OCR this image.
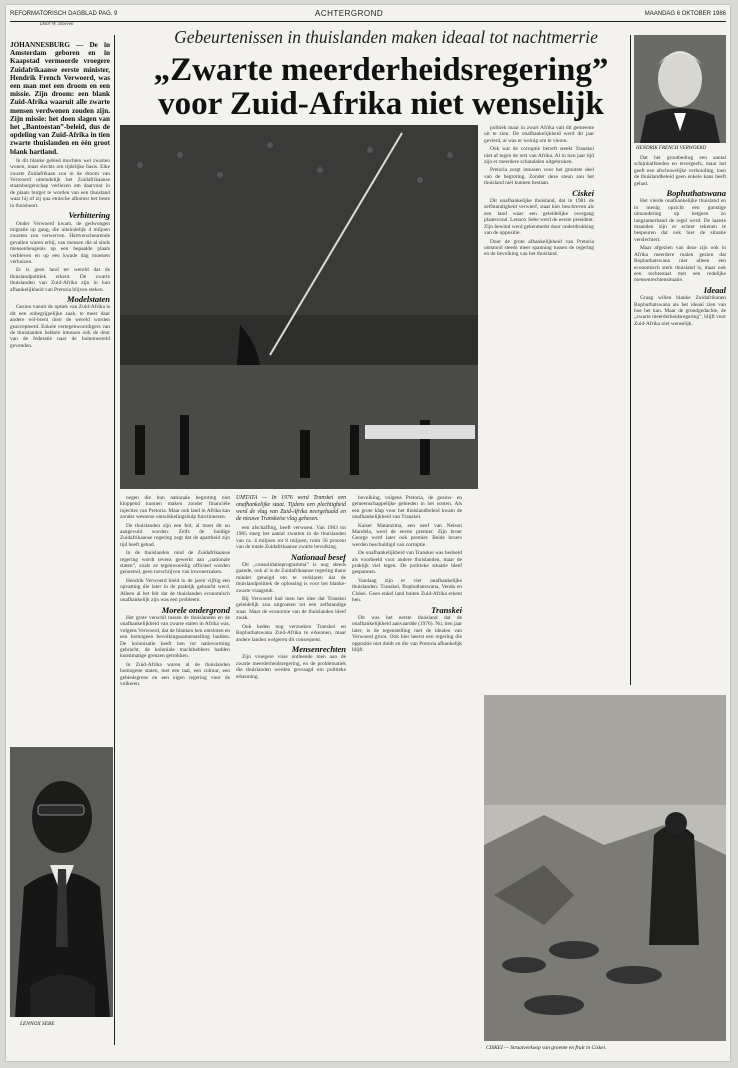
REFORMATORISCH DAGBLAD PAG. 9	ACHTERGROND	MAANDAG 6 OKTOBER 1986
Door W. Stoeven
Gebeurtenissen in thuislanden maken ideaal tot nachtmerrie
„Zwarte meerderheidsregering”
voor Zuid-Afrika niet wenselijk

JOHANNESBURG — De in Amsterdam geboren en in Kaapstad vermoorde vroegere Zuidafrikaanse eerste minister, Hendrik French Verwoerd, was een man met een droom en een missie. Zijn droom: een blank Zuid-Afrika waaruit alle zwarte mensen verdwenen zouden zijn. Zijn missie: het doen slagen van het „Bantoestan”-beleid, dus de opdeling van Zuid-Afrika in tien zwarte thuislanden en één groot blank hartland.

In dit blanke gebied mochten wel zwarten wonen, maar slechts om tijdelijke basis. Elke zwarte Zuidafrikaan zou in de droom van Verwoerd uiteindelijk het Zuidafrikaanse staatsburgerschap verliezen om daarvoor in de plaats burger te worden van een thuisland waar hij of zij qua etnische afkomst het beste in thuishoort.

Verbittering

Onder Verwoerd kwam, de gedwongen migratie op gang, die uiteindelijk 4 miljoen zwarten zou verwerven. Hartverscheurende gevallen waren erbij, van mensen die al sinds mensenheugenis op een bepaalde plaats verbleven en op een kwade dag moesten verhuizen.

Er is geen land ter wereld dat de thuislandpolitiek erkent. De zwarte thuislanden van Zuid-Afrika zijn in hun afhankelijkheid van Pretoria blijven steken.

Modelstaten

Gezien vanuit de optiek van Zuid-Afrika is dit een onbegrijpelijke zaak, te meer daar andere wil-brent door de wereld worden geaccepteerd. Enkele vertegenwoordigers van de thuislanden hebben intussen ook de deur van de federatie naar de buitenwereld gevonden.

LENNOX SEBE

negen die hun nationale begroting niet kloppend kunnen maken zonder financiële injecties van Pretoria. Maar ook land in Afrika kan zonder westerse ontwikkelingshulp functioneren.

De thuislanden zijn een feit, al moet dit nu aangevuld worden. Zelfs de huidige Zuidafrikaanse regering zegt dat de apartheid zijn tijd heeft gehad.

In de thuislanden rond de Zuidafrikaanse regering wordt tevens gewerkt aan „nationale staten”, zoals ze tegenwoordig officieel worden genoemd, geen toeschrijven van inwonerzaken.

Hendrik Verwoerd hield in de jaren vijftig een opvatting die later in de praktijk gebracht werd. Alleen al het feit dat de thuislanden economisch onafhankelijk zijn was een probleem.

Morele ondergrond

Het grote verschil tussen de thuislanden en de onafhankelijkheid van zwarte staten in Afrika was, volgens Verwoerd, dat de blanken hen ontsloten en een homogeen bevolkingssamenstelling hadden. De kolonisatie heeft hen tot natievorming gebracht, de koloniale machthebbers hadden kunstmatige grenzen getrokken.

In Zuid-Afrika waren al de thuislanden homogene staten, met een taal, een cultuur, een gebiedsgrens en een eigen regering voor de volkeren.

UMTATA — In 1976 werd Transkei een onafhankelijke staat. Tijdens een plechtigheid werd de vlag van Zuid-Afrika neergehaald en de nieuwe Transkeise vlag gehesen.

een afschaffing, heeft verwoest. Van 1963 tot 1985 steeg het aantal zwarten in de thuislanden van ca. 4 miljoen tot 8 miljoen, ruim 56 procent van de totale Zuidafrikaanse zwarte bevolking.

Nationaal besef

Dit „consolidatieprogramma” is nog steeds gaande, ook al is de Zuidafrikaanse regering thans minder geneigd om te verklaren dat de thuislandpolitiek de oplossing is voor het blanke-zwarte vraagstuk.

Bij Verwoerd had men het idee dat Transkei geleidelijk zou uitgroeien tot een zelfstandige staat. Maar de economie van de thuislanden bleef zwak.

Ook heden nog verzoeken Transkei en Bophuthatswana Zuid-Afrika te erkennen, maar andere landen weigeren dit consequent.

Mensenrechten

Zijn vroegere visie ontleende men aan de zwarte meerderheidsregering, en de problematiek die thuislanden werden gevraagd om politieke erkenning.

bevolking, volgens Pretoria, de gezins- en gemeenschappelijke gebieden in het oosten. Als een grote klap voor het thuislandbeleid kwam de onafhankelijkheid van Transkei.

Kaiser Matanzima, een neef van Nelson Mandela, werd de eerste premier. Zijn broer George werd later ook premier. Beide broers werden beschuldigd van corruptie.

De onafhankelijkheid van Transkei was bedoeld als voorbeeld voor andere thuislanden, maar de praktijk viel tegen. De politieke situatie bleef gespannen.

Vandaag zijn er vier onafhankelijke thuislanden: Transkei, Bophuthatswana, Venda en Ciskei. Geen enkel land buiten Zuid-Afrika erkent hen.

Transkei

Dit was het eerste thuisland dat de onafhankelijkheid aanvaardde (1976). Nu, tien jaar later, is de tegenstelling met de idealen van Verwoerd groot. Ook hier heerst een regering die oppositie niet duldt en die van Pretoria afhankelijk blijft.

politiek maar in zwart Afrika valt dit gemeente uit te zien. De onafhankelijkheid werd dit jaar gevierd, al was er weinig om te vieren.

Ook wat de corruptie betreft steekt Transkei niet af tegen de rest van Afrika. Al in tien jaar tijd zijn er meerdere schandalen uitgebroken.

Pretoria zorgt intussen voor het grootste deel van de begroting. Zonder deze steun zou het thuisland niet kunnen bestaan.

Ciskei

Dit onafhankelijke thuisland, dat in 1981 de zelfstandigheid verwierf, staat hier beschreven als een land waar een geleidelijke overgang plaatsvond. Lennox Sebe werd de eerste president. Zijn bewind werd gekenmerkt door onderdrukking van de oppositie.

Door de grote afhankelijkheid van Pretoria ontstond steeds meer spanning tussen de regering en de bevolking van het thuisland.

HENDRIK FRENCH VERWOERD

Dat het grootbedrog een aantal schijnhalfsteden en tevergeefs, maar het geeft een afschuwelijke verhouding, toen de thuislandbeleid geen enkele kans heeft gehad.

Bophuthatswana

Het vierde onafhankelijke thuisland en in menig opzicht een gunstige uitzondering op hetgeen zo langzamerhand de regel werd. De laatste maanden zijn er echter tekenen te bespeuren dat ook hier de situatie verslechtert.

Maar afgezien van deze zijn ook in Afrika meerdere malen gezien dat Bophuthatswana niet alleen een economisch sterk thuisland is, maar ook een rechtsstaat met een redelijke mensenrechtensituatie.

Ideaal

Graag willen blanke Zuidafrikanen Bophuthatswana als het ideaal zien van hoe het kan. Maar de grondgedachte, de „zwarte meerderheidsregering”, blijft voor Zuid-Afrika niet wenselijk.

CISKEI — Straatverkoop van groente en fruit in Ciskei.
